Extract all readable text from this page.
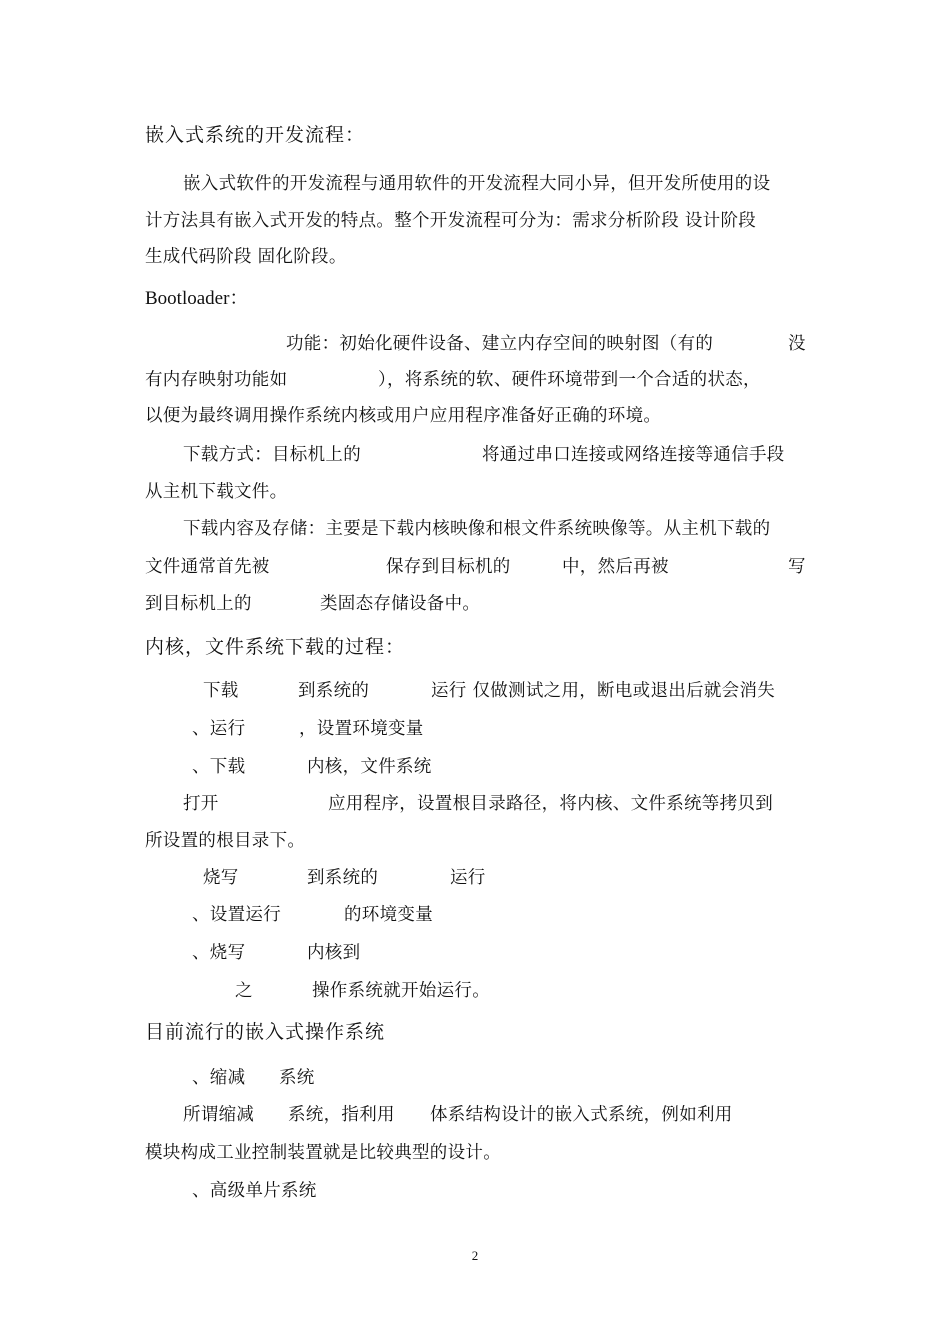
嵌入式系统的开发流程：
嵌入式软件的开发流程与通用软件的开发流程大同小异，但开发所使用的设
计方法具有嵌入式开发的特点。整个开发流程可分为：需求分析阶段 设计阶段
生成代码阶段 固化阶段。
Bootloader：
功能：初始化硬件设备、建立内存空间的映射图（有的	没
有内存映射功能如	），将系统的软、硬件环境带到一个合适的状态，
以便为最终调用操作系统内核或用户应用程序准备好正确的环境。
下载方式：目标机上的	将通过串口连接或网络连接等通信手段
从主机下载文件。
下载内容及存储：主要是下载内核映像和根文件系统映像等。从主机下载的
文件通常首先被	保存到目标机的	中，然后再被	写
到目标机上的	类固态存储设备中。
内核，文件系统下载的过程：
下载	到系统的	运行 仅做测试之用，断电或退出后就会消失
、运行	，设置环境变量
、下载	内核，文件系统
打开	应用程序，设置根目录路径，将内核、文件系统等拷贝到
所设置的根目录下。
烧写	到系统的	运行
、设置运行	的环境变量
、烧写	内核到
之	操作系统就开始运行。
目前流行的嵌入式操作系统
、缩减 系统
所谓缩减 系统，指利用 体系结构设计的嵌入式系统，例如利用
模块构成工业控制装置就是比较典型的设计。
、高级单片系统
2
